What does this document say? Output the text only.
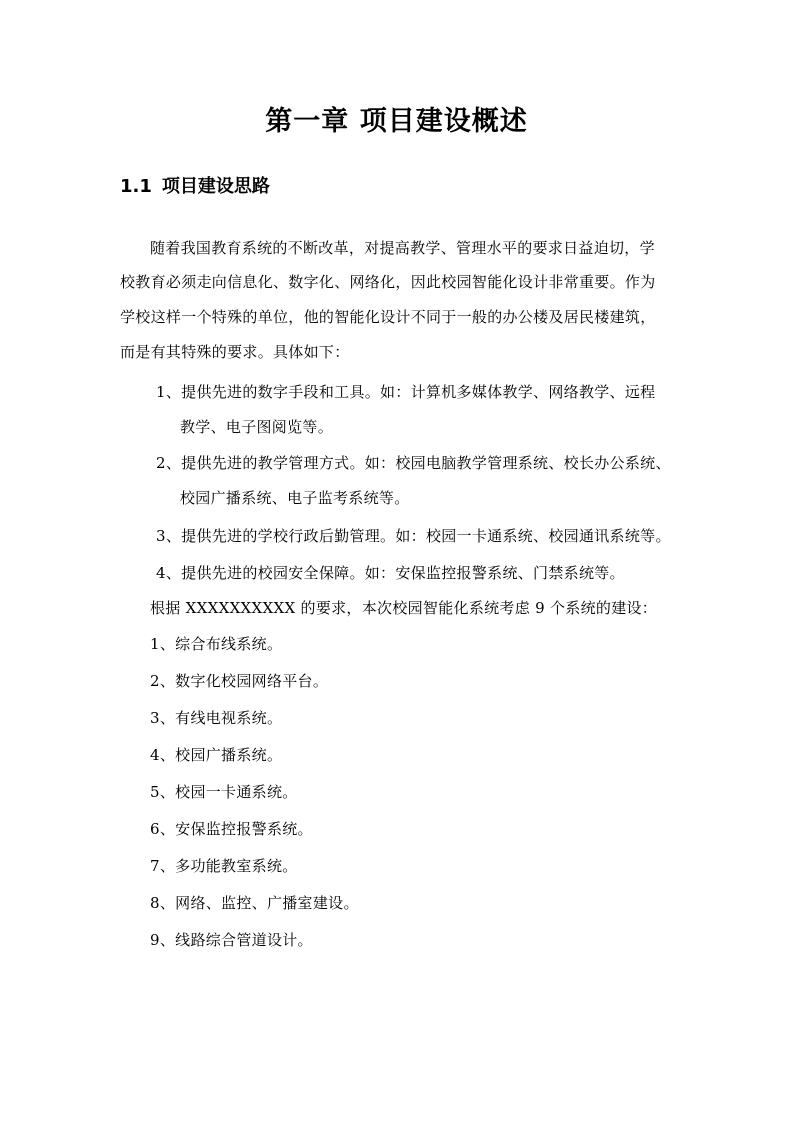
第一章 项目建设概述
1.1 项目建设思路
随着我国教育系统的不断改革，对提高教学、管理水平的要求日益迫切，学
校教育必须走向信息化、数字化、网络化，因此校园智能化设计非常重要。作为
学校这样一个特殊的单位，他的智能化设计不同于一般的办公楼及居民楼建筑，
而是有其特殊的要求。具体如下：
1、提供先进的数字手段和工具。如：计算机多媒体教学、网络教学、远程
教学、电子图阅览等。
2、提供先进的教学管理方式。如：校园电脑教学管理系统、校长办公系统、
校园广播系统、电子监考系统等。
3、提供先进的学校行政后勤管理。如：校园一卡通系统、校园通讯系统等。
4、提供先进的校园安全保障。如：安保监控报警系统、门禁系统等。
根据 XXXXXXXXXX 的要求，本次校园智能化系统考虑 9 个系统的建设：
1、综合布线系统。
2、数字化校园网络平台。
3、有线电视系统。
4、校园广播系统。
5、校园一卡通系统。
6、安保监控报警系统。
7、多功能教室系统。
8、网络、监控、广播室建设。
9、线路综合管道设计。
